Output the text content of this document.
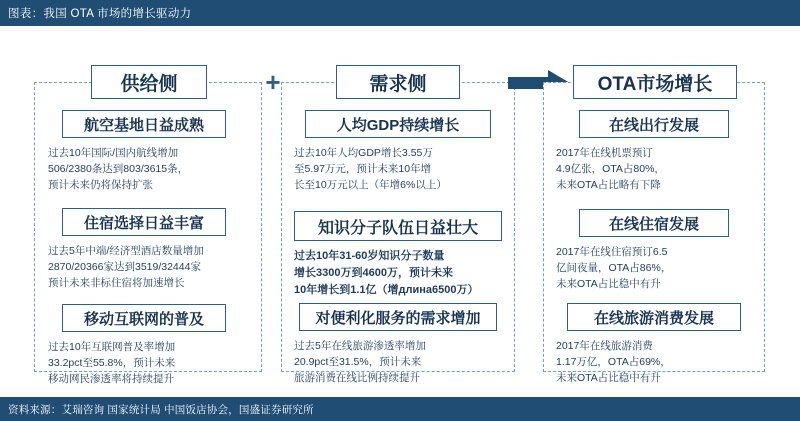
图表：我国 OTA 市场的增长驱动力
供给侧
航空基地日益成熟
过去10年国际/国内航线增加
506/2380条达到803/3615条，
预计未来仍将保持扩张
住宿选择日益丰富
过去5年中端/经济型酒店数量增加
2870/20366家达到3519/32444家
预计未来非标住宿将加速增长
移动互联网的普及
过去10年互联网普及率增加
33.2pct至55.8%，预计未来
移动网民渗透率将持续提升
+	需求侧
人均GDP持续增长
过去10年人均GDP增长3.55万
至5.97万元，预计未来10年增
长至10万元以上（年增6%以上）
知识分子队伍日益壮大
过去10年31-60岁知识分子数量
增长3300万到4600万，预计未来
10年增长到1.1亿（增длина6500万）
对便利化服务的需求增加
过去5年在线旅游渗透率增加
20.9pct至31.5%，预计未来
旅游消费在线比例持续提升
OTA市场增长
在线出行发展
2017年在线机票预订
4.9亿张，OTA占80%，
未来OTA占比略有下降
在线住宿发展
2017年在线住宿预订6.5
亿间夜量，OTA占86%，
未来OTA占比稳中有升
在线旅游消费发展
2017年在线旅游消费
1.17万亿，OTA占69%，
未来OTA占比稳中有升
资料来源：艾瑞咨询 国家统计局 中国饭店协会，国盛证券研究所
